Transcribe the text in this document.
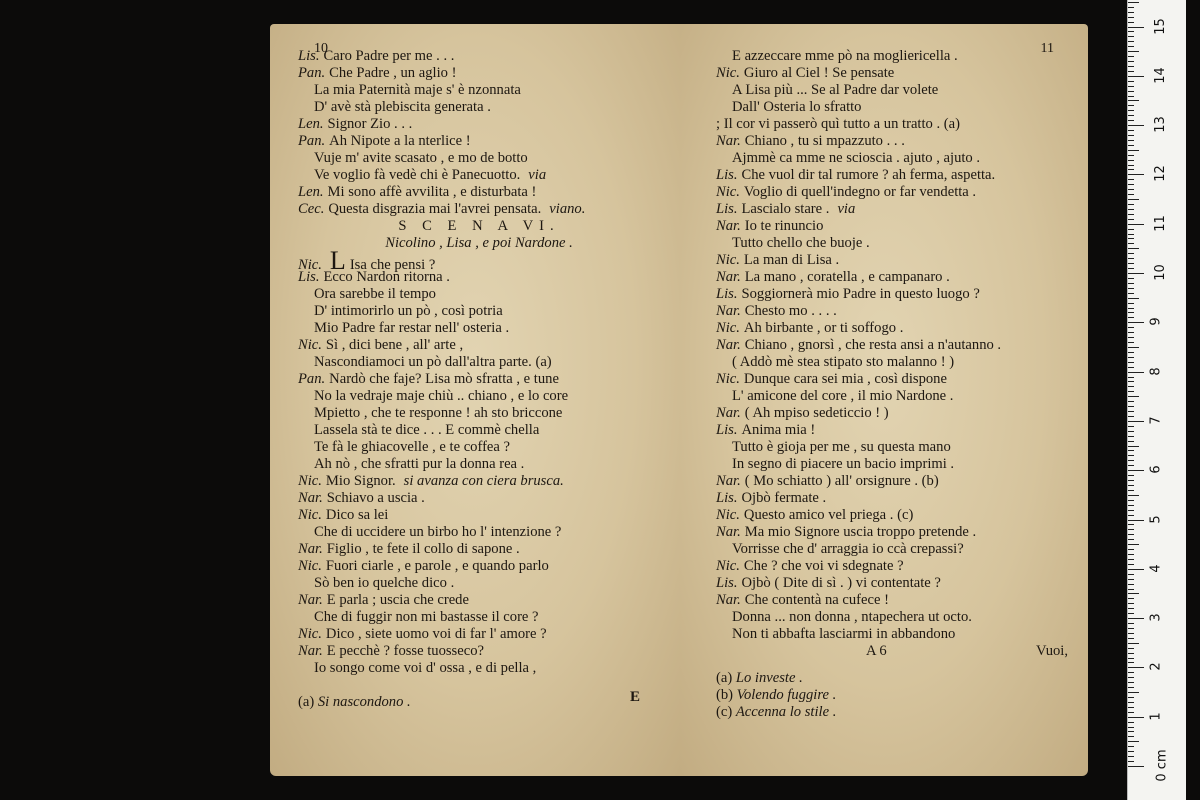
10
Lis. Caro Padre per me . . .
Pan. Che Padre , un aglio !
La mia Paternità maje s' è nzonnata
D' avè stà plebiscita generata .
Len. Signor Zio . . .
Pan. Ah Nipote a la nterlice !
Vuje m' avite scasato , e mo de botto
Ve voglio fà vedè chi è Panecuotto. via
Len. Mi sono affè avvilita , e disturbata !
Cec. Questa disgrazia mai l'avrei pensata. viano.
S C E N A VI.
Nicolino , Lisa , e poi Nardone .
Nic. L Isa che pensi ?
Lis. Ecco Nardon ritorna .
Ora sarebbe il tempo
D' intimorirlo un pò , così potria
Mio Padre far restar nell' osteria .
Nic. Sì , dici bene , all' arte ,
Nascondiamoci un pò dall'altra parte. (a)
Pan. Nardò che faje? Lisa mò sfratta , e tune
No la vedraje maje chiù .. chiano , e lo core
Mpietto , che te responne ! ah sto briccone
Lassela stà te dice . . . E commè chella
Te fà le ghiacovelle , e te coffea ?
Ah nò , che sfratti pur la donna rea .
Nic. Mio Signor. si avanza con ciera brusca.
Nar. Schiavo a uscia .
Nic. Dico sa lei
Che di uccidere un birbo ho l' intenzione ?
Nar. Figlio , te fete il collo di sapone .
Nic. Fuori ciarle , e parole , e quando parlo
Sò ben io quelche dico .
Nar. E parla ; uscia che crede
Che di fuggir non mi bastasse il core ?
Nic. Dico , siete uomo voi di far l' amore ?
Nar. E pecchè ? fosse tuosseco?
Io songo come voi d' ossa , e di pella ,
E
(a) Si nascondono .
11
E azzeccare mme pò na mogliericella .
Nic. Giuro al Ciel ! Se pensate
A Lisa più ... Se al Padre dar volete
Dall' Osteria lo sfratto
; Il cor vi passerò quì tutto a un tratto . (a)
Nar. Chiano , tu si mpazzuto . . .
Ajmmè ca mme ne scioscia . ajuto , ajuto .
Lis. Che vuol dir tal rumore ? ah ferma, aspetta.
Nic. Voglio di quell'indegno or far vendetta .
Lis. Lascialo stare . via
Nar. Io te rinuncio
Tutto chello che buoje .
Nic. La man di Lisa .
Nar. La mano , coratella , e campanaro .
Lis. Soggiornerà mio Padre in questo luogo ?
Nar. Chesto mo . . . .
Nic. Ah birbante , or ti soffogo .
Nar. Chiano , gnorsì , che resta ansi a n'autanno .
( Addò mè stea stipato sto malanno ! )
Nic. Dunque cara sei mia , così dispone
L' amicone del core , il mio Nardone .
Nar. ( Ah mpiso sedeticcio ! )
Lis. Anima mia !
Tutto è gioja per me , su questa mano
In segno di piacere un bacio imprimi .
Nar. ( Mo schiatto ) all' orsignure . (b)
Lis. Ojbò fermate .
Nic. Questo amico vel priega . (c)
Nar. Ma mio Signore uscia troppo pretende .
Vorrisse che d' arraggia io ccà crepassi?
Nic. Che ? che voi vi sdegnate ?
Lis. Ojbò ( Dite di sì . ) vi contentate ?
Nar. Che contentà na cufece !
Donna ... non donna , ntapechera ut octo.
Non ti abbafta lasciarmi in abbandono
A 6	Vuoi,
(a) Lo investe .
(b) Volendo fuggire .
(c) Accenna lo stile .
0 cm
1
2
3
4
5
6
7
8
9
10
11
12
13
14
15
